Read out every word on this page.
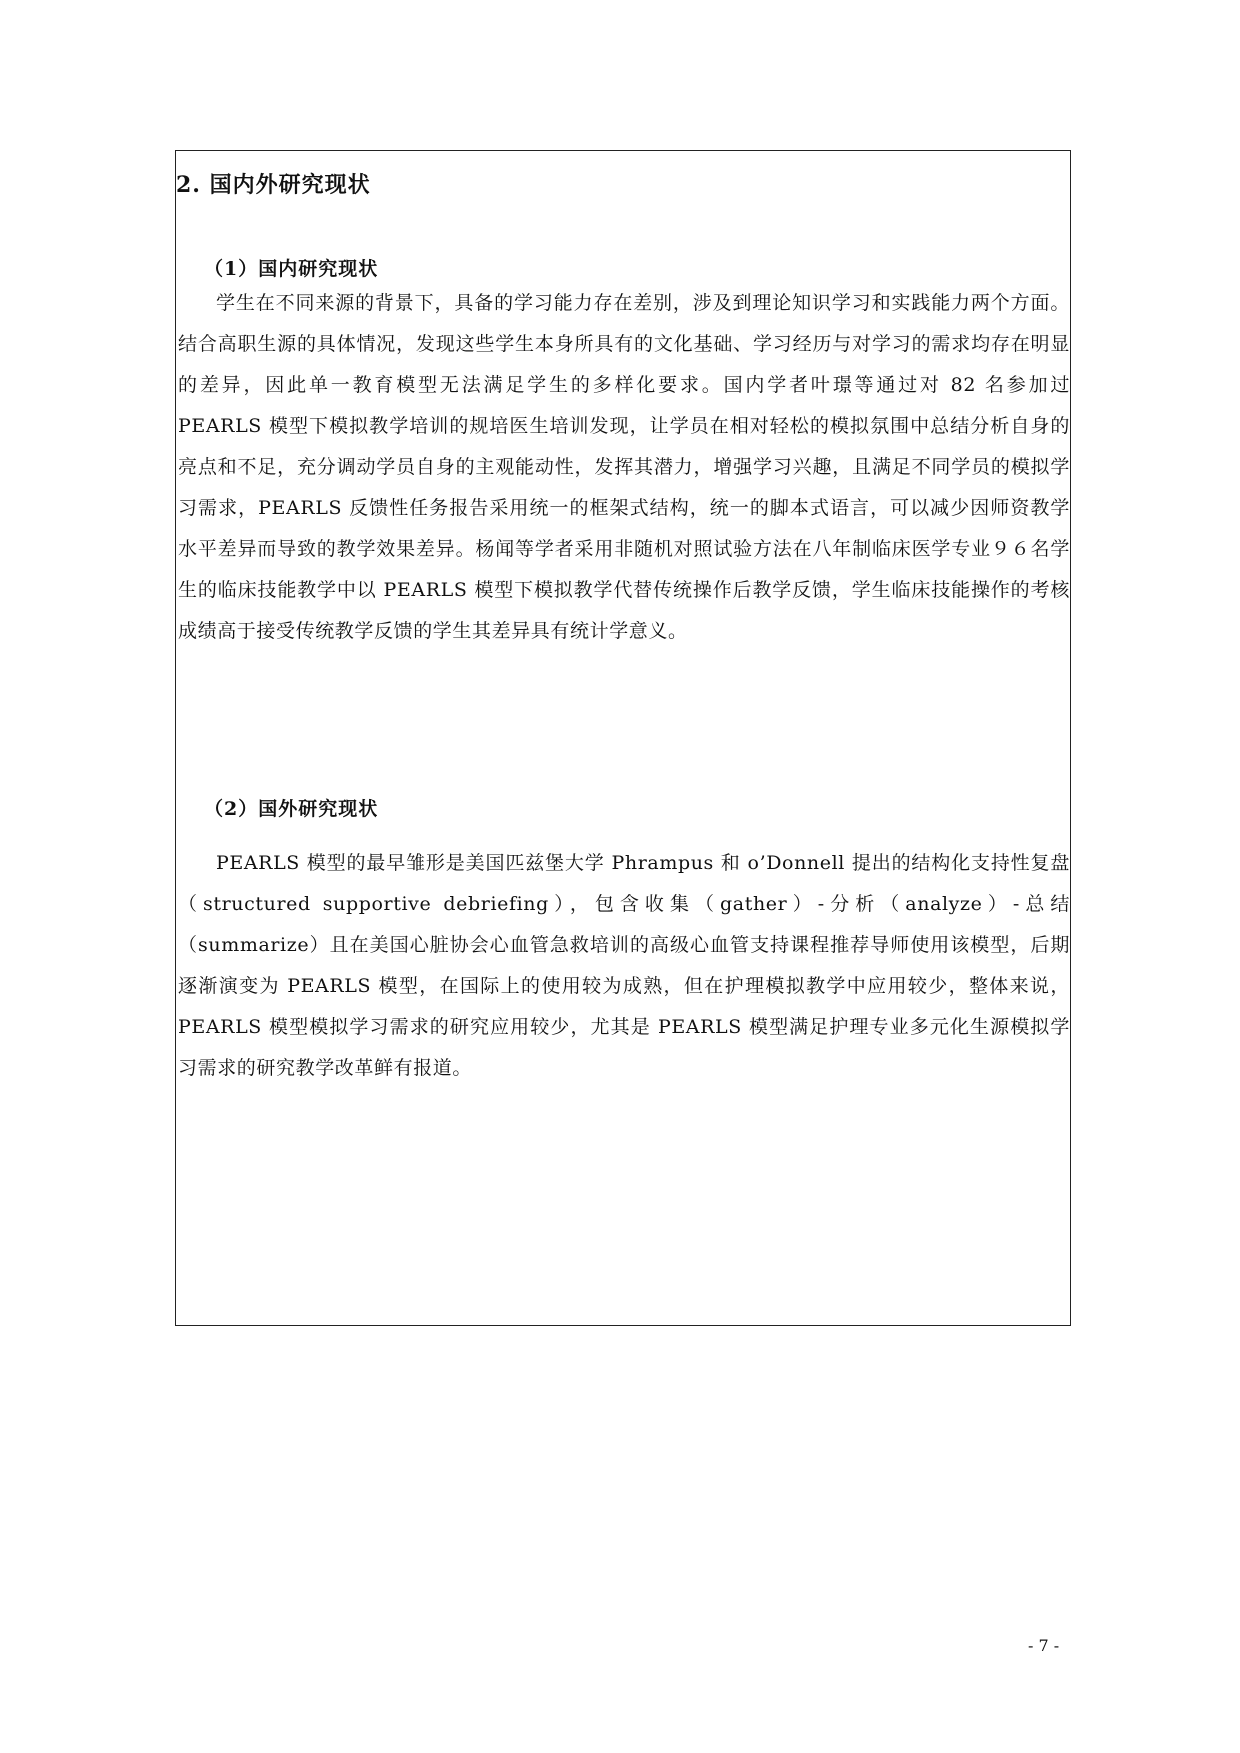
2. 国内外研究现状
（1）国内研究现状

学生在不同来源的背景下，具备的学习能力存在差别，涉及到理论知识学习和实践能力两个方面。结合高职生源的具体情况，发现这些学生本身所具有的文化基础、学习经历与对学习的需求均存在明显的差异，因此单一教育模型无法满足学生的多样化要求。国内学者叶璟等通过对 82 名参加过 PEARLS 模型下模拟教学培训的规培医生培训发现，让学员在相对轻松的模拟氛围中总结分析自身的亮点和不足，充分调动学员自身的主观能动性，发挥其潜力，增强学习兴趣，且满足不同学员的模拟学习需求，PEARLS 反馈性任务报告采用统一的框架式结构，统一的脚本式语言，可以减少因师资教学水平差异而导致的教学效果差异。杨闻等学者采用非随机对照试验方法在八年制临床医学专业９６名学生的临床技能教学中以 PEARLS 模型下模拟教学代替传统操作后教学反馈，学生临床技能操作的考核成绩高于接受传统教学反馈的学生其差异具有统计学意义。

（2）国外研究现状

PEARLS 模型的最早雏形是美国匹兹堡大学 Phrampus 和 o’Donnell 提出的结构化支持性复盘（structured supportive debriefing），包含收集（gather）-分析（analyze）-总结（summarize）且在美国心脏协会心血管急救培训的高级心血管支持课程推荐导师使用该模型，后期逐渐演变为 PEARLS 模型，在国际上的使用较为成熟，但在护理模拟教学中应用较少，整体来说，PEARLS 模型模拟学习需求的研究应用较少，尤其是 PEARLS 模型满足护理专业多元化生源模拟学习需求的研究教学改革鲜有报道。

- 7 -
